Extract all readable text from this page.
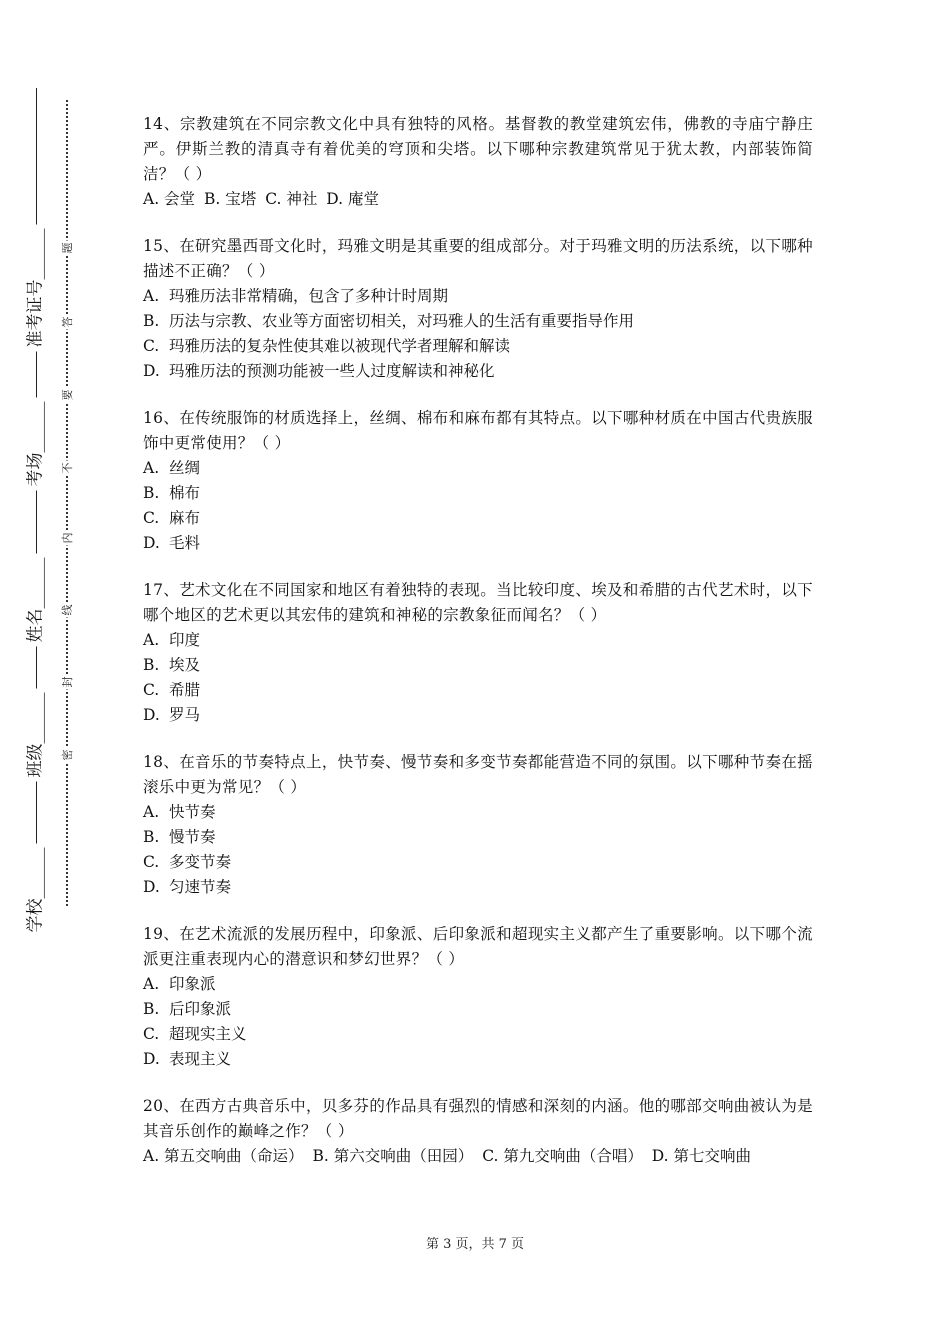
准考证号______
考场______
姓名______
班级______
学校______
题
答
要
不
内
线
封
密
14、宗教建筑在不同宗教文化中具有独特的风格。基督教的教堂建筑宏伟，佛教的寺庙宁静庄严。伊斯兰教的清真寺有着优美的穹顶和尖塔。以下哪种宗教建筑常见于犹太教，内部装饰简洁？（ ）
A. 会堂 B. 宝塔 C. 神社 D. 庵堂
15、在研究墨西哥文化时，玛雅文明是其重要的组成部分。对于玛雅文明的历法系统，以下哪种描述不正确？（ ）
A. 玛雅历法非常精确，包含了多种计时周期
B. 历法与宗教、农业等方面密切相关，对玛雅人的生活有重要指导作用
C. 玛雅历法的复杂性使其难以被现代学者理解和解读
D. 玛雅历法的预测功能被一些人过度解读和神秘化
16、在传统服饰的材质选择上，丝绸、棉布和麻布都有其特点。以下哪种材质在中国古代贵族服饰中更常使用？（ ）
A. 丝绸
B. 棉布
C. 麻布
D. 毛料
17、艺术文化在不同国家和地区有着独特的表现。当比较印度、埃及和希腊的古代艺术时，以下哪个地区的艺术更以其宏伟的建筑和神秘的宗教象征而闻名？（ ）
A. 印度
B. 埃及
C. 希腊
D. 罗马
18、在音乐的节奏特点上，快节奏、慢节奏和多变节奏都能营造不同的氛围。以下哪种节奏在摇滚乐中更为常见？（ ）
A. 快节奏
B. 慢节奏
C. 多变节奏
D. 匀速节奏
19、在艺术流派的发展历程中，印象派、后印象派和超现实主义都产生了重要影响。以下哪个流派更注重表现内心的潜意识和梦幻世界？（ ）
A. 印象派
B. 后印象派
C. 超现实主义
D. 表现主义
20、在西方古典音乐中，贝多芬的作品具有强烈的情感和深刻的内涵。他的哪部交响曲被认为是其音乐创作的巅峰之作？（ ）
A. 第五交响曲（命运） B. 第六交响曲（田园） C. 第九交响曲（合唱） D. 第七交响曲
第 3 页，共 7 页
